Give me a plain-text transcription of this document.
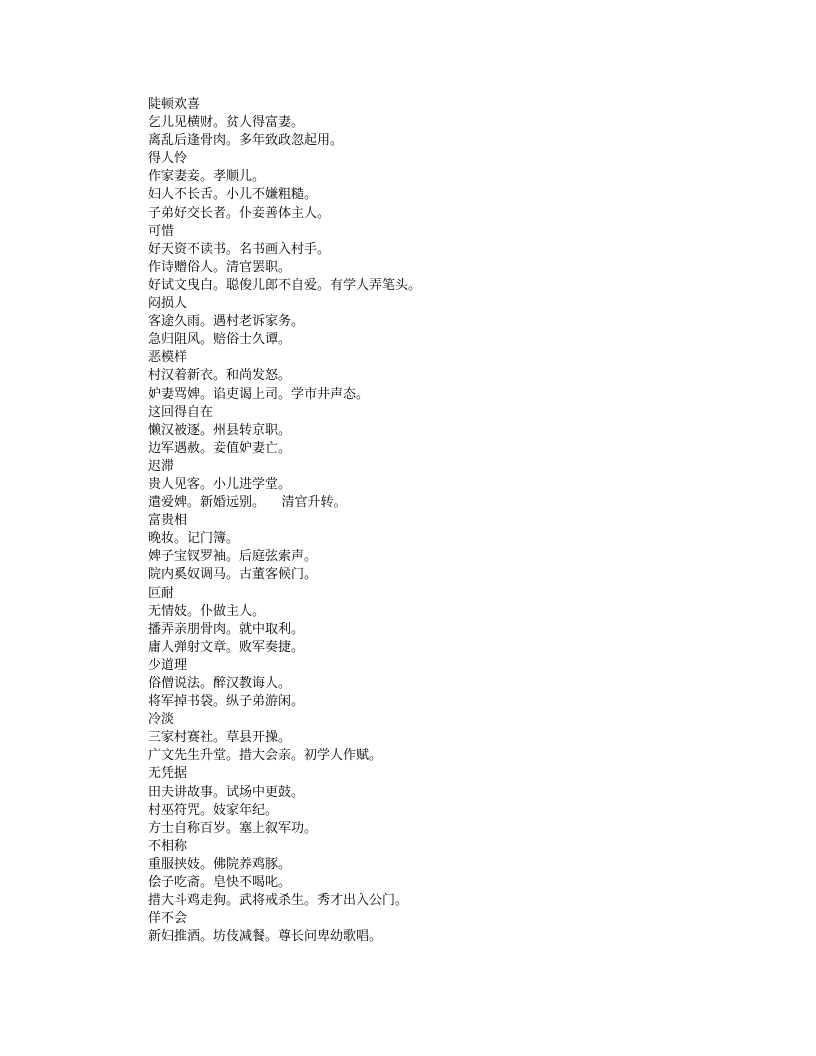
陡顿欢喜
乞儿见横财。贫人得富妻。
离乱后逢骨肉。多年致政忽起用。
得人怜
作家妻妾。孝顺儿。
妇人不长舌。小儿不嫌粗糙。
子弟好交长者。仆妾善体主人。
可惜
好天资不读书。名书画入村手。
作诗赠俗人。清官罢职。
好试文曳白。聪俊儿郎不自爱。有学人弄笔头。
闷损人
客途久雨。遇村老诉家务。
急归阻风。赔俗士久谭。
恶模样
村汉着新衣。和尚发怒。
妒妻骂婢。谄吏谒上司。学市井声态。
这回得自在
懒汉被逐。州县转京职。
边军遇赦。妾值妒妻亡。
迟滞
贵人见客。小儿进学堂。
遣爱婢。新婚远别。    清官升转。
富贵相
晚妆。记门簿。
婢子宝钗罗袖。后庭弦索声。
院内奚奴调马。古董客候门。
叵耐
无情妓。仆做主人。
播弄亲朋骨肉。就中取利。
庸人弹射文章。败军奏捷。
少道理
俗僧说法。醉汉教诲人。
将军掉书袋。纵子弟游闲。
冷淡
三家村赛社。草县开操。
广文先生升堂。措大会亲。初学人作赋。
无凭据
田夫讲故事。试场中更鼓。
村巫符咒。妓家年纪。
方士自称百岁。塞上叙军功。
不相称
重服挟妓。佛院养鸡豚。
侩子吃斋。皂快不喝叱。
措大斗鸡走狗。武将戒杀生。秀才出入公门。
佯不会
新妇推酒。坊伎减餐。尊长问卑幼歌唱。
